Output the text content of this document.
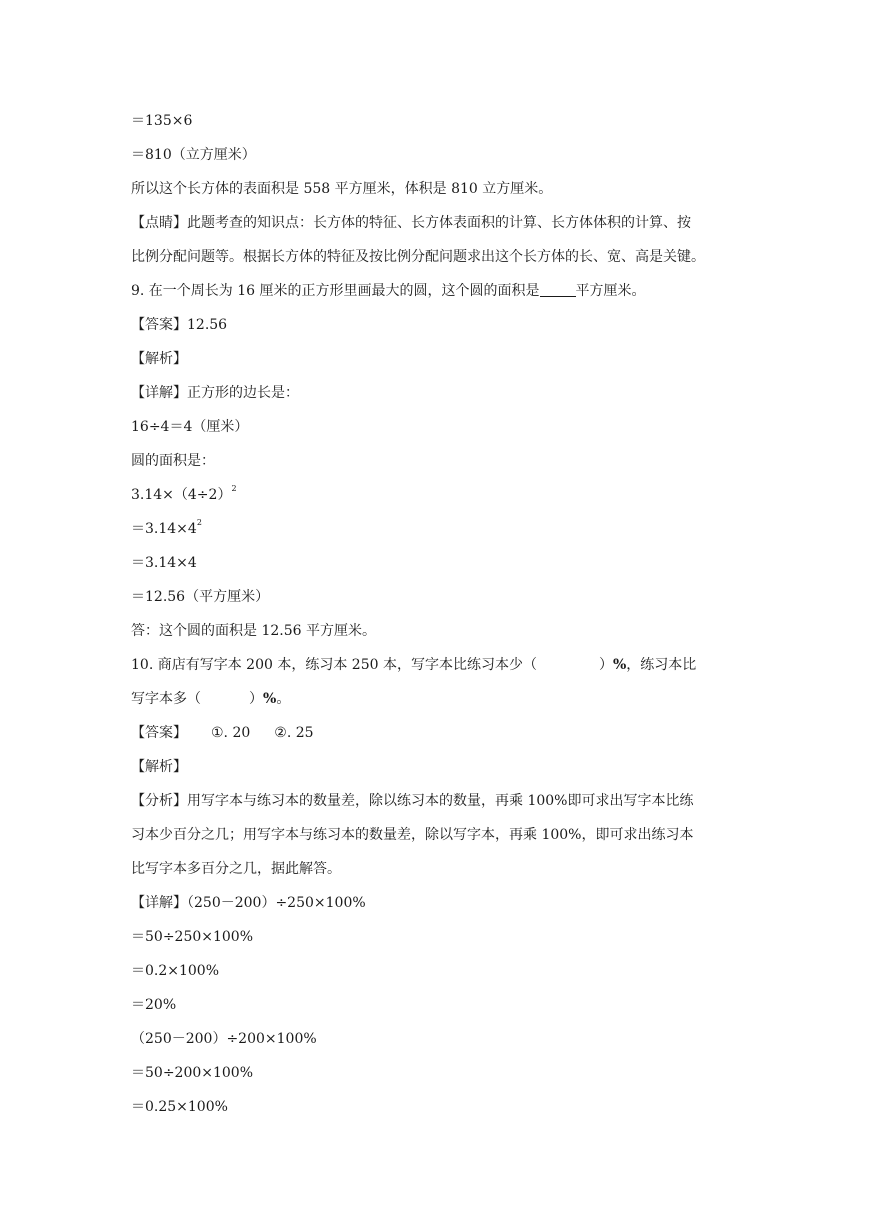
＝135×6
＝810（立方厘米）
所以这个长方体的表面积是 558 平方厘米，体积是 810 立方厘米。
【点睛】此题考查的知识点：长方体的特征、长方体表面积的计算、长方体体积的计算、按
比例分配问题等。根据长方体的特征及按比例分配问题求出这个长方体的长、宽、高是关键。
9. 在一个周长为 16 厘米的正方形里画最大的圆，这个圆的面积是	平方厘米。
【答案】12.56
【解析】
【详解】正方形的边长是：
16÷4＝4（厘米）
圆的面积是：
$3.14\times(4\div 2)^2$
$=3.14\times 4^2$
＝3.14×4
＝12.56（平方厘米）
答：这个圆的面积是 12.56 平方厘米。
10. 商店有写字本 200 本，练习本 250 本，写字本比练习本少（	）%，练习本比
写字本多（	）%。
【答案】 ①. 20 ②. 25
【解析】
【分析】用写字本与练习本的数量差，除以练习本的数量，再乘 100%即可求出写字本比练
习本少百分之几；用写字本与练习本的数量差，除以写字本，再乘 100%，即可求出练习本
比写字本多百分之几，据此解答。
【详解】（250－200）÷250×100%
＝50÷250×100%
＝0.2×100%
＝20%
（250－200）÷200×100%
＝50÷200×100%
＝0.25×100%
